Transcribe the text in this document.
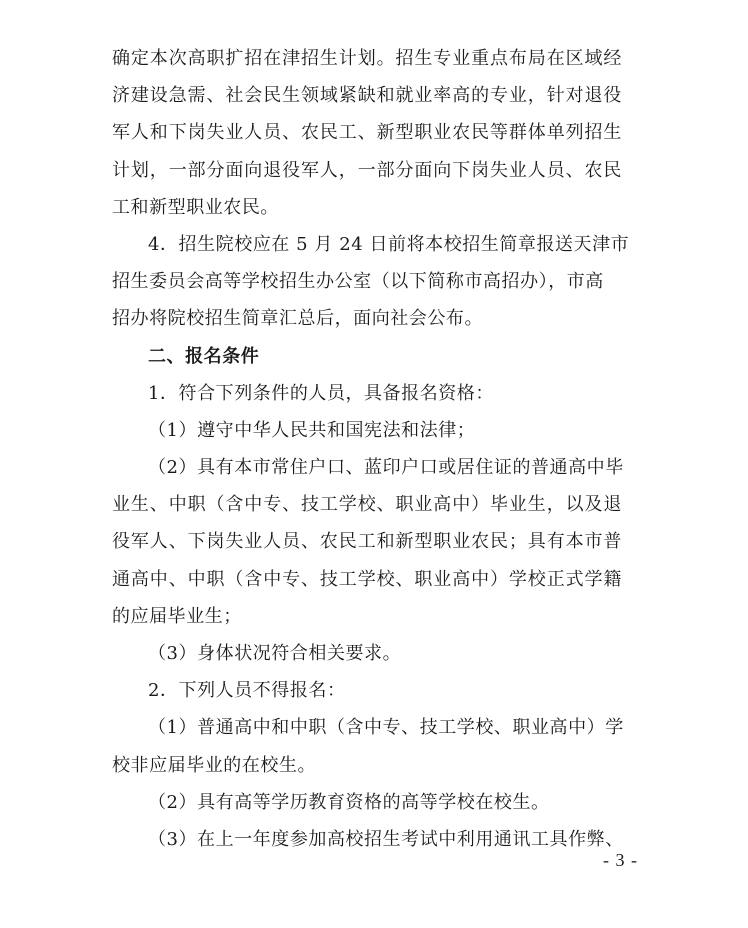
确定本次高职扩招在津招生计划。招生专业重点布局在区域经
济建设急需、社会民生领域紧缺和就业率高的专业，针对退役
军人和下岗失业人员、农民工、新型职业农民等群体单列招生
计划，一部分面向退役军人，一部分面向下岗失业人员、农民
工和新型职业农民。
4．招生院校应在 5 月 24 日前将本校招生简章报送天津市
招生委员会高等学校招生办公室（以下简称市高招办），市高
招办将院校招生简章汇总后，面向社会公布。
二、报名条件
1．符合下列条件的人员，具备报名资格：
（1）遵守中华人民共和国宪法和法律；
（2）具有本市常住户口、蓝印户口或居住证的普通高中毕
业生、中职（含中专、技工学校、职业高中）毕业生，以及退
役军人、下岗失业人员、农民工和新型职业农民；具有本市普
通高中、中职（含中专、技工学校、职业高中）学校正式学籍
的应届毕业生；
（3）身体状况符合相关要求。
2．下列人员不得报名：
（1）普通高中和中职（含中专、技工学校、职业高中）学
校非应届毕业的在校生。
（2）具有高等学历教育资格的高等学校在校生。
（3）在上一年度参加高校招生考试中利用通讯工具作弊、
- 3 -
